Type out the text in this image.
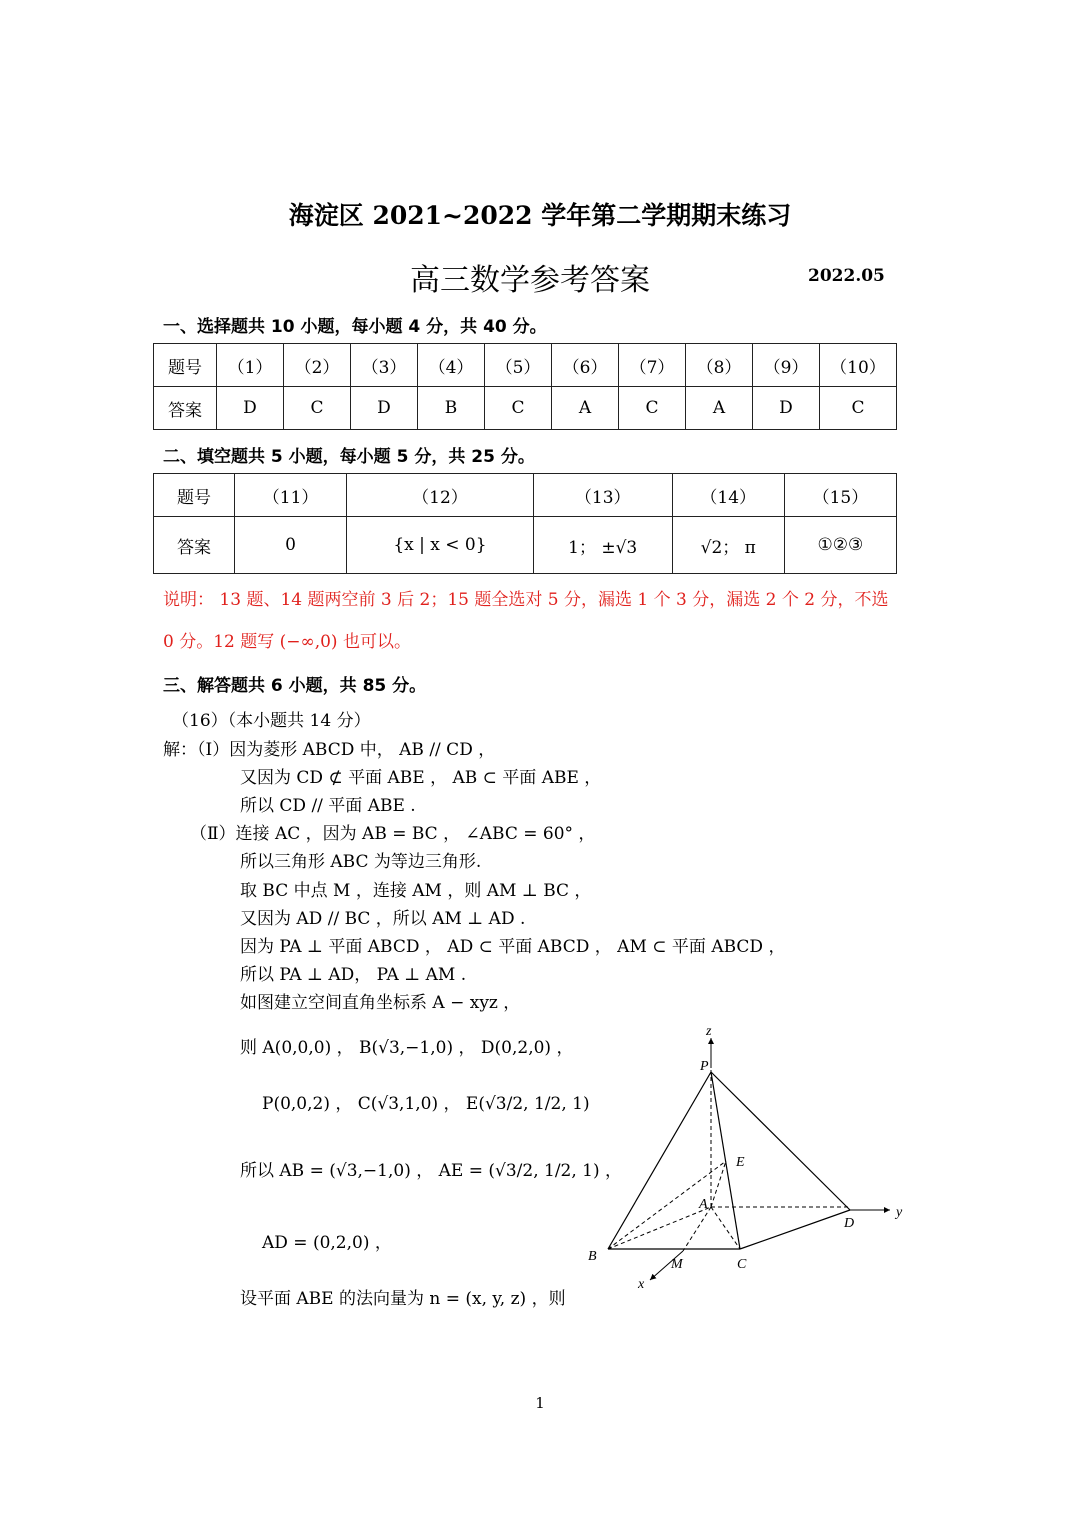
海淀区 2021~2022 学年第二学期期末练习
高三数学参考答案	2022.05
一、选择题共 10 小题，每小题 4 分，共 40 分。
题号	（1）	（2）	（3）	（4）	（5）	（6）	（7）	（8）	（9）	（10）
答案	D	C	D	B	C	A	C	A	D	C
二、填空题共 5 小题，每小题 5 分，共 25 分。
题号	（11）	（12）	（13）	（14）	（15）
答案	0	{x | x < 0}	1； ±√3	√2； π	①②③
说明： 13 题、14 题两空前 3 后 2；15 题全选对 5 分，漏选 1 个 3 分，漏选 2 个 2 分，不选
0 分。12 题写 (−∞,0) 也可以。
三、解答题共 6 小题，共 85 分。
（16）（本小题共 14 分）
解：（Ⅰ）因为菱形 ABCD 中， AB // CD ，
又因为 CD ⊄ 平面 ABE ， AB ⊂ 平面 ABE ，
所以 CD // 平面 ABE .
（Ⅱ）连接 AC ，因为 AB = BC ， ∠ABC = 60° ，
所以三角形 ABC 为等边三角形.
取 BC 中点 M ，连接 AM ，则 AM ⊥ BC ，
又因为 AD // BC ，所以 AM ⊥ AD .
因为 PA ⊥ 平面 ABCD ， AD ⊂ 平面 ABCD ， AM ⊂ 平面 ABCD ，
所以 PA ⊥ AD， PA ⊥ AM .
如图建立空间直角坐标系 A − xyz ，
则 A(0,0,0) ， B(√3,−1,0) ， D(0,2,0) ，
P(0,0,2) ， C(√3,1,0) ， E(√3/2, 1/2, 1)
所以 AB = (√3,−1,0) ， AE = (√3/2, 1/2, 1) ，
AD = (0,2,0) ，
设平面 ABE 的法向量为 n = (x, y, z) ，则
z
P
E
A
y
D
B
M	C
x
1
